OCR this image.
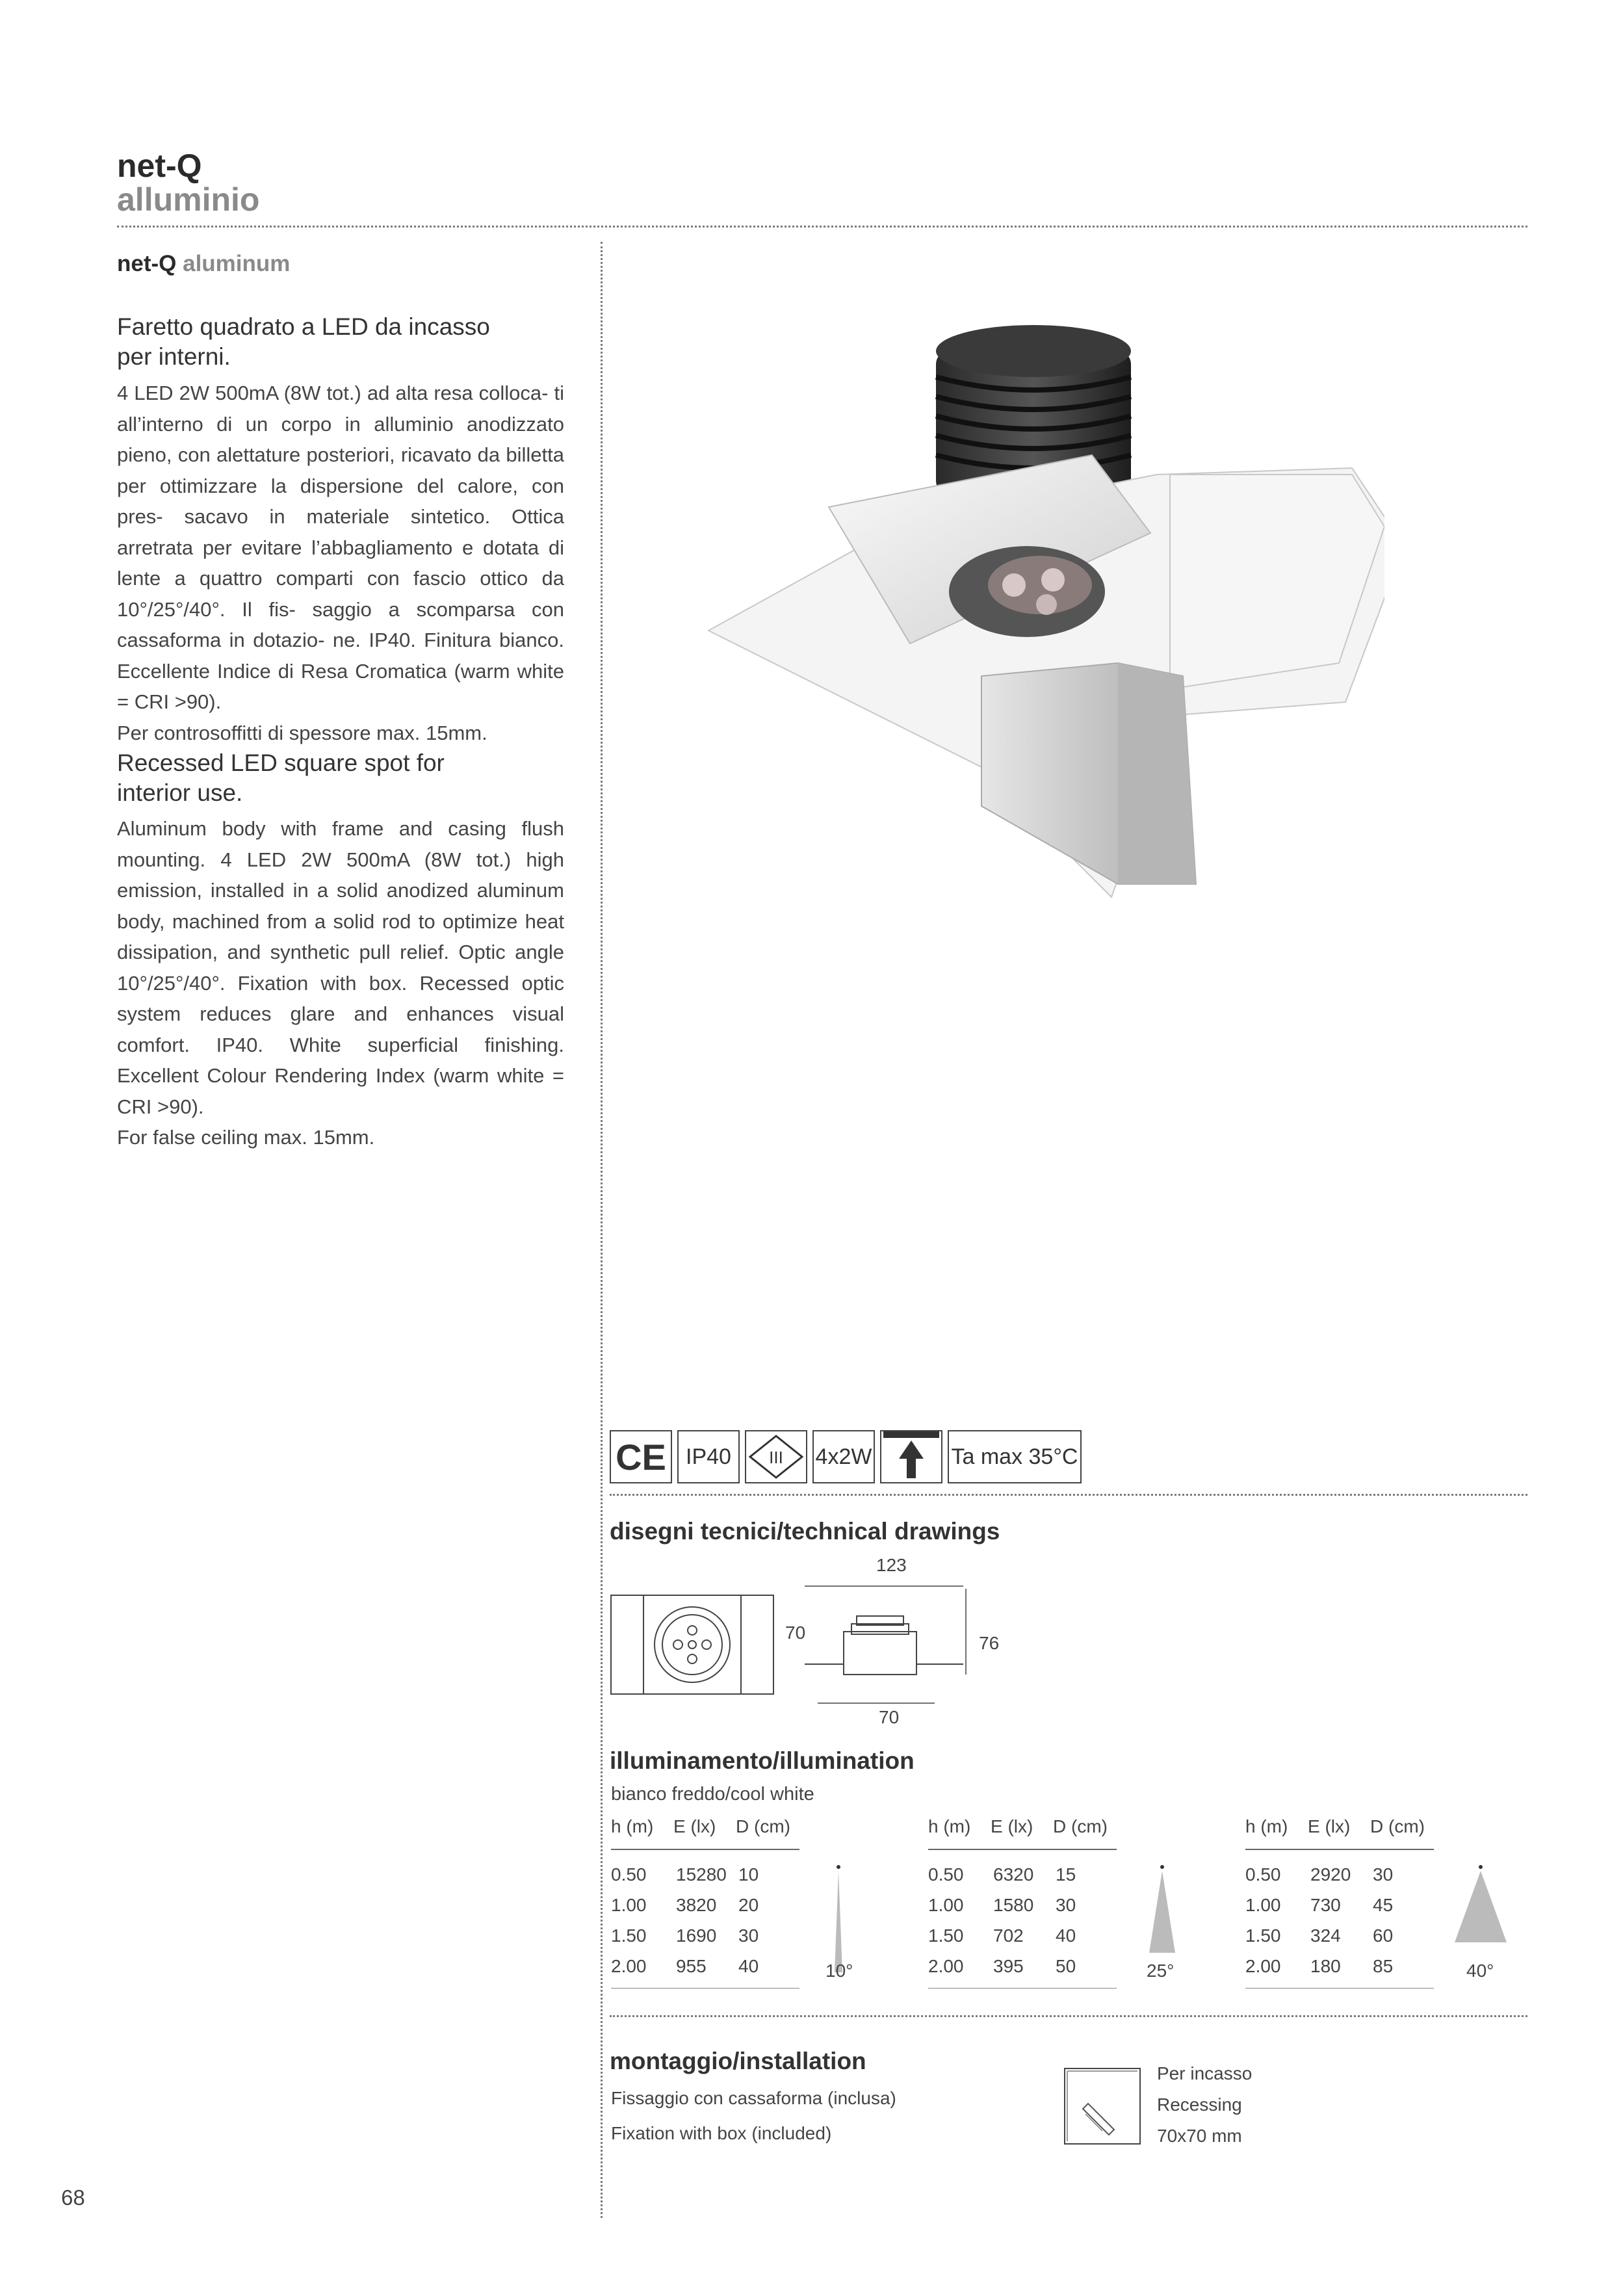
net-Q
alluminio
net-Q aluminum
Faretto quadrato a LED da incasso
per interni.

4 LED 2W 500mA (8W tot.) ad alta resa colloca- ti all’interno di un corpo in alluminio anodizzato pieno, con alettature posteriori, ricavato da billetta per ottimizzare la dispersione del calore, con pres- sacavo in materiale sintetico. Ottica arretrata per evitare l’abbagliamento e dotata di lente a quattro comparti con fascio ottico da 10°/25°/40°. Il fis- saggio a scomparsa con cassaforma in dotazio- ne. IP40. Finitura bianco. Eccellente Indice di Resa Cromatica (warm white = CRI >90).

Per controsoffitti di spessore max. 15mm.

Recessed LED square spot for
interior use.

Aluminum body with frame and casing flush mounting. 4 LED 2W 500mA (8W tot.) high emission, installed in a solid anodized aluminum body, machined from a solid rod to optimize heat dissipation, and synthetic pull relief. Optic angle 10°/25°/40°. Fixation with box. Recessed optic system reduces glare and enhances visual comfort. IP40. White superficial finishing. Excellent Colour Rendering Index (warm white = CRI >90).

For false ceiling max. 15mm.

CE IP40 III 4x2W	Ta max 35°C
disegni tecnici/technical drawings
123
70
76
70
illuminamento/illumination
bianco freddo/cool white
h (m) E (lx) D (cm)
0.50 15280 10
1.00 3820 20
1.50 1690 30
2.00 955 40	10°
h (m) E (lx) D (cm)
0.50 6320 15
1.00 1580 30
1.50 702 40
2.00 395 50	25°
h (m) E (lx) D (cm)
0.50 2920 30
1.00 730 45
1.50 324 60
2.00 180 85	40°
montaggio/installation
Fissaggio con cassaforma (inclusa)
Fixation with box (included)
Per incasso
Recessing
70x70 mm
68
